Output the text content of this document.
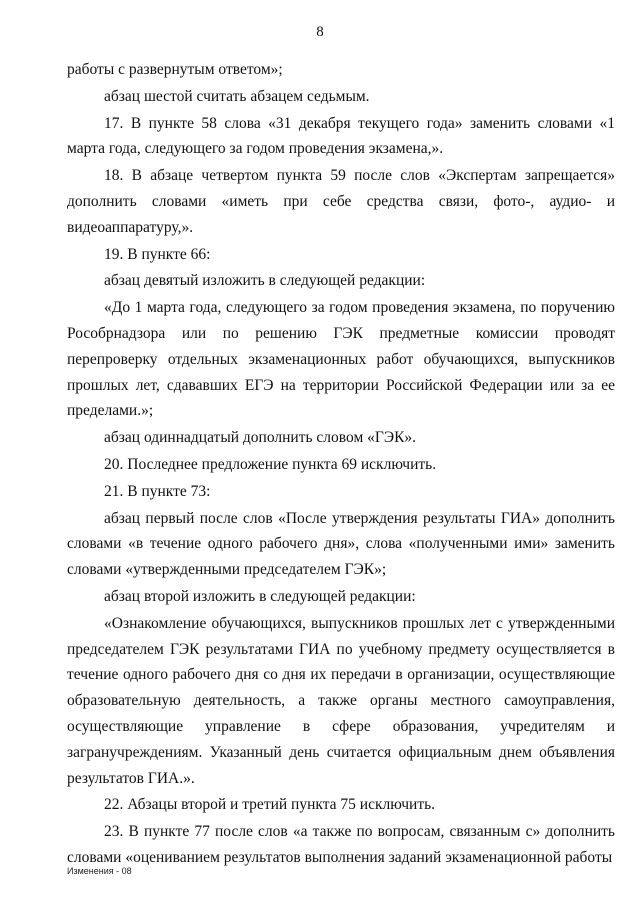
8

работы с развернутым ответом»;

абзац шестой считать абзацем седьмым.

17. В пункте 58 слова «31 декабря текущего года» заменить словами «1 марта года, следующего за годом проведения экзамена,».

18. В абзаце четвертом пункта 59 после слов «Экспертам запрещается» дополнить словами «иметь при себе средства связи, фото-, аудио- и видеоаппаратуру,».

19. В пункте 66:

абзац девятый изложить в следующей редакции:

«До 1 марта года, следующего за годом проведения экзамена, по поручению Рособрнадзора или по решению ГЭК предметные комиссии проводят перепроверку отдельных экзаменационных работ обучающихся, выпускников прошлых лет, сдававших ЕГЭ на территории Российской Федерации или за ее пределами.»;

абзац одиннадцатый дополнить словом «ГЭК».

20. Последнее предложение пункта 69 исключить.

21. В пункте 73:

абзац первый после слов «После утверждения результаты ГИА» дополнить словами «в течение одного рабочего дня», слова «полученными ими» заменить словами «утвержденными председателем ГЭК»;

абзац второй изложить в следующей редакции:

«Ознакомление обучающихся, выпускников прошлых лет с утвержденными председателем ГЭК результатами ГИА по учебному предмету осуществляется в течение одного рабочего дня со дня их передачи в организации, осуществляющие образовательную деятельность, а также органы местного самоуправления, осуществляющие управление в сфере образования, учредителям и загранучреждениям. Указанный день считается официальным днем объявления результатов ГИА.».

22. Абзацы второй и третий пункта 75 исключить.

23. В пункте 77 после слов «а также по вопросам, связанным с» дополнить словами «оцениванием результатов выполнения заданий экзаменационной работы

Изменения - 08
